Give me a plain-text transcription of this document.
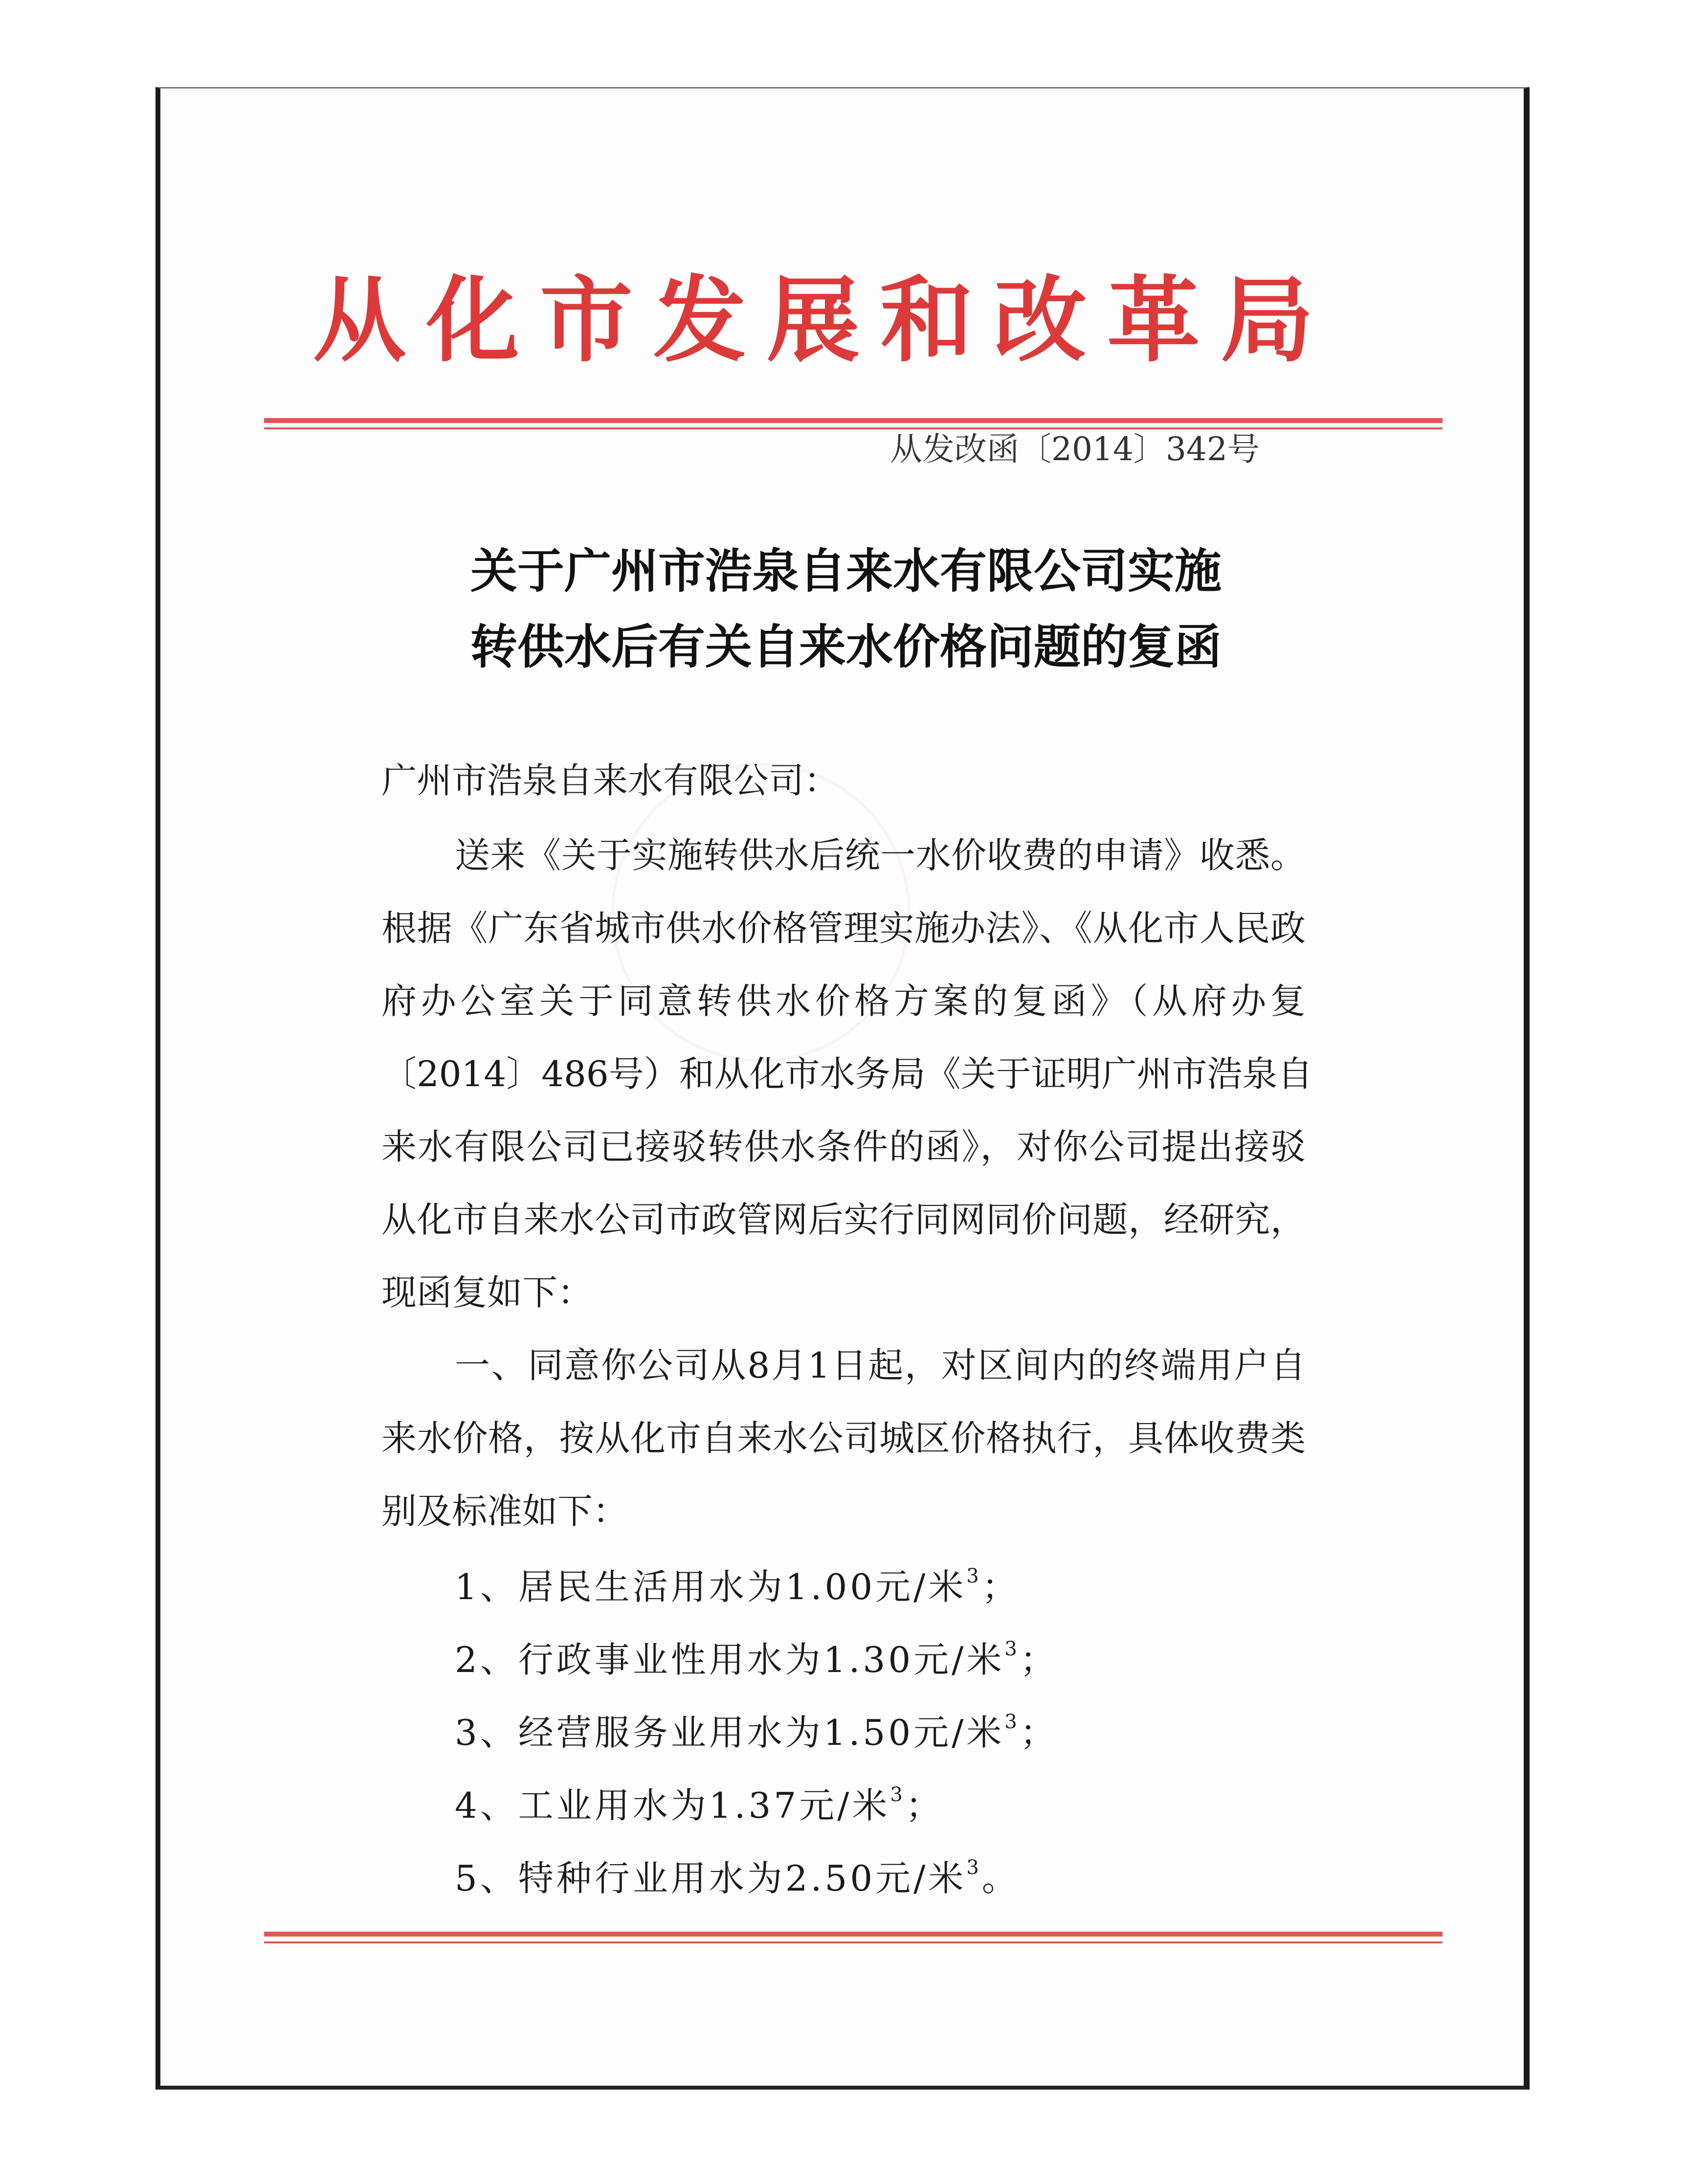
从化市发展和改革局
从发改函〔2014〕342号
关于广州市浩泉自来水有限公司实施
转供水后有关自来水价格问题的复函
广州市浩泉自来水有限公司：
送来《关于实施转供水后统一水价收费的申请》收悉。
根据《广东省城市供水价格管理实施办法》、《从化市人民政
府办公室关于同意转供水价格方案的复函》（从府办复
〔2014〕486号）和从化市水务局《关于证明广州市浩泉自
来水有限公司已接驳转供水条件的函》，对你公司提出接驳
从化市自来水公司市政管网后实行同网同价问题，经研究，
现函复如下：
一、同意你公司从8月1日起，对区间内的终端用户自
来水价格，按从化市自来水公司城区价格执行，具体收费类
别及标准如下：
1、居民生活用水为1.00元/米$^3$；
2、行政事业性用水为1.30元/米$^3$；
3、经营服务业用水为1.50元/米$^3$；
4、工业用水为1.37元/米$^3$；
5、特种行业用水为2.50元/米$^3$。
